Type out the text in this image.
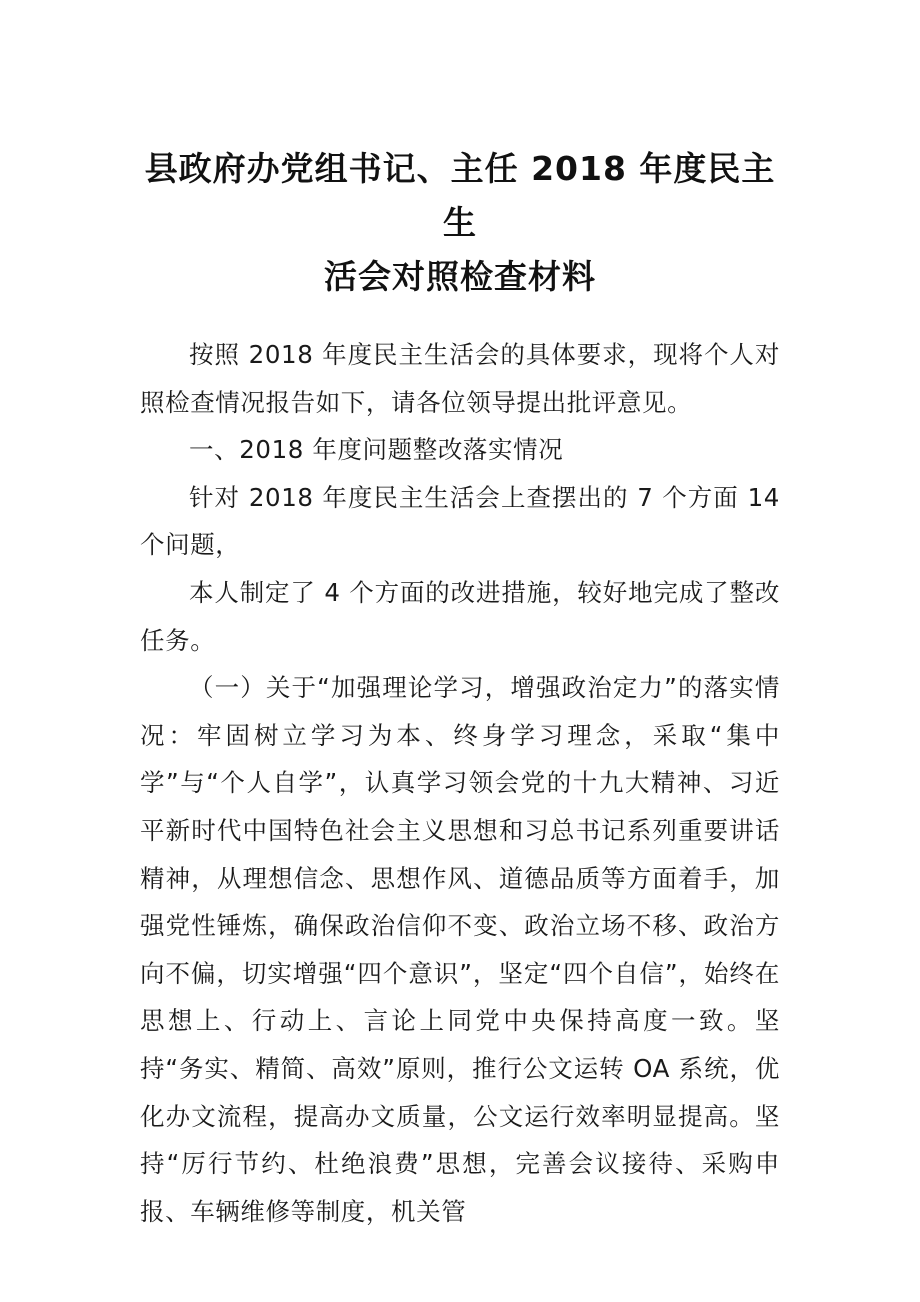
县政府办党组书记、主任 2018 年度民主生
活会对照检查材料

按照 2018 年度民主生活会的具体要求，现将个人对照检查情况报告如下，请各位领导提出批评意见。

一、2018 年度问题整改落实情况

针对 2018 年度民主生活会上查摆出的 7 个方面 14 个问题，

本人制定了 4 个方面的改进措施，较好地完成了整改任务。

（一）关于“加强理论学习，增强政治定力”的落实情况：牢固树立学习为本、终身学习理念，采取“集中学”与“个人自学”，认真学习领会党的十九大精神、习近平新时代中国特色社会主义思想和习总书记系列重要讲话精神，从理想信念、思想作风、道德品质等方面着手，加强党性锤炼，确保政治信仰不变、政治立场不移、政治方向不偏，切实增强“四个意识”，坚定“四个自信”，始终在思想上、行动上、言论上同党中央保持高度一致。坚持“务实、精简、高效”原则，推行公文运转 OA 系统，优化办文流程，提高办文质量，公文运行效率明显提高。坚持“厉行节约、杜绝浪费”思想，完善会议接待、采购申报、车辆维修等制度，机关管
